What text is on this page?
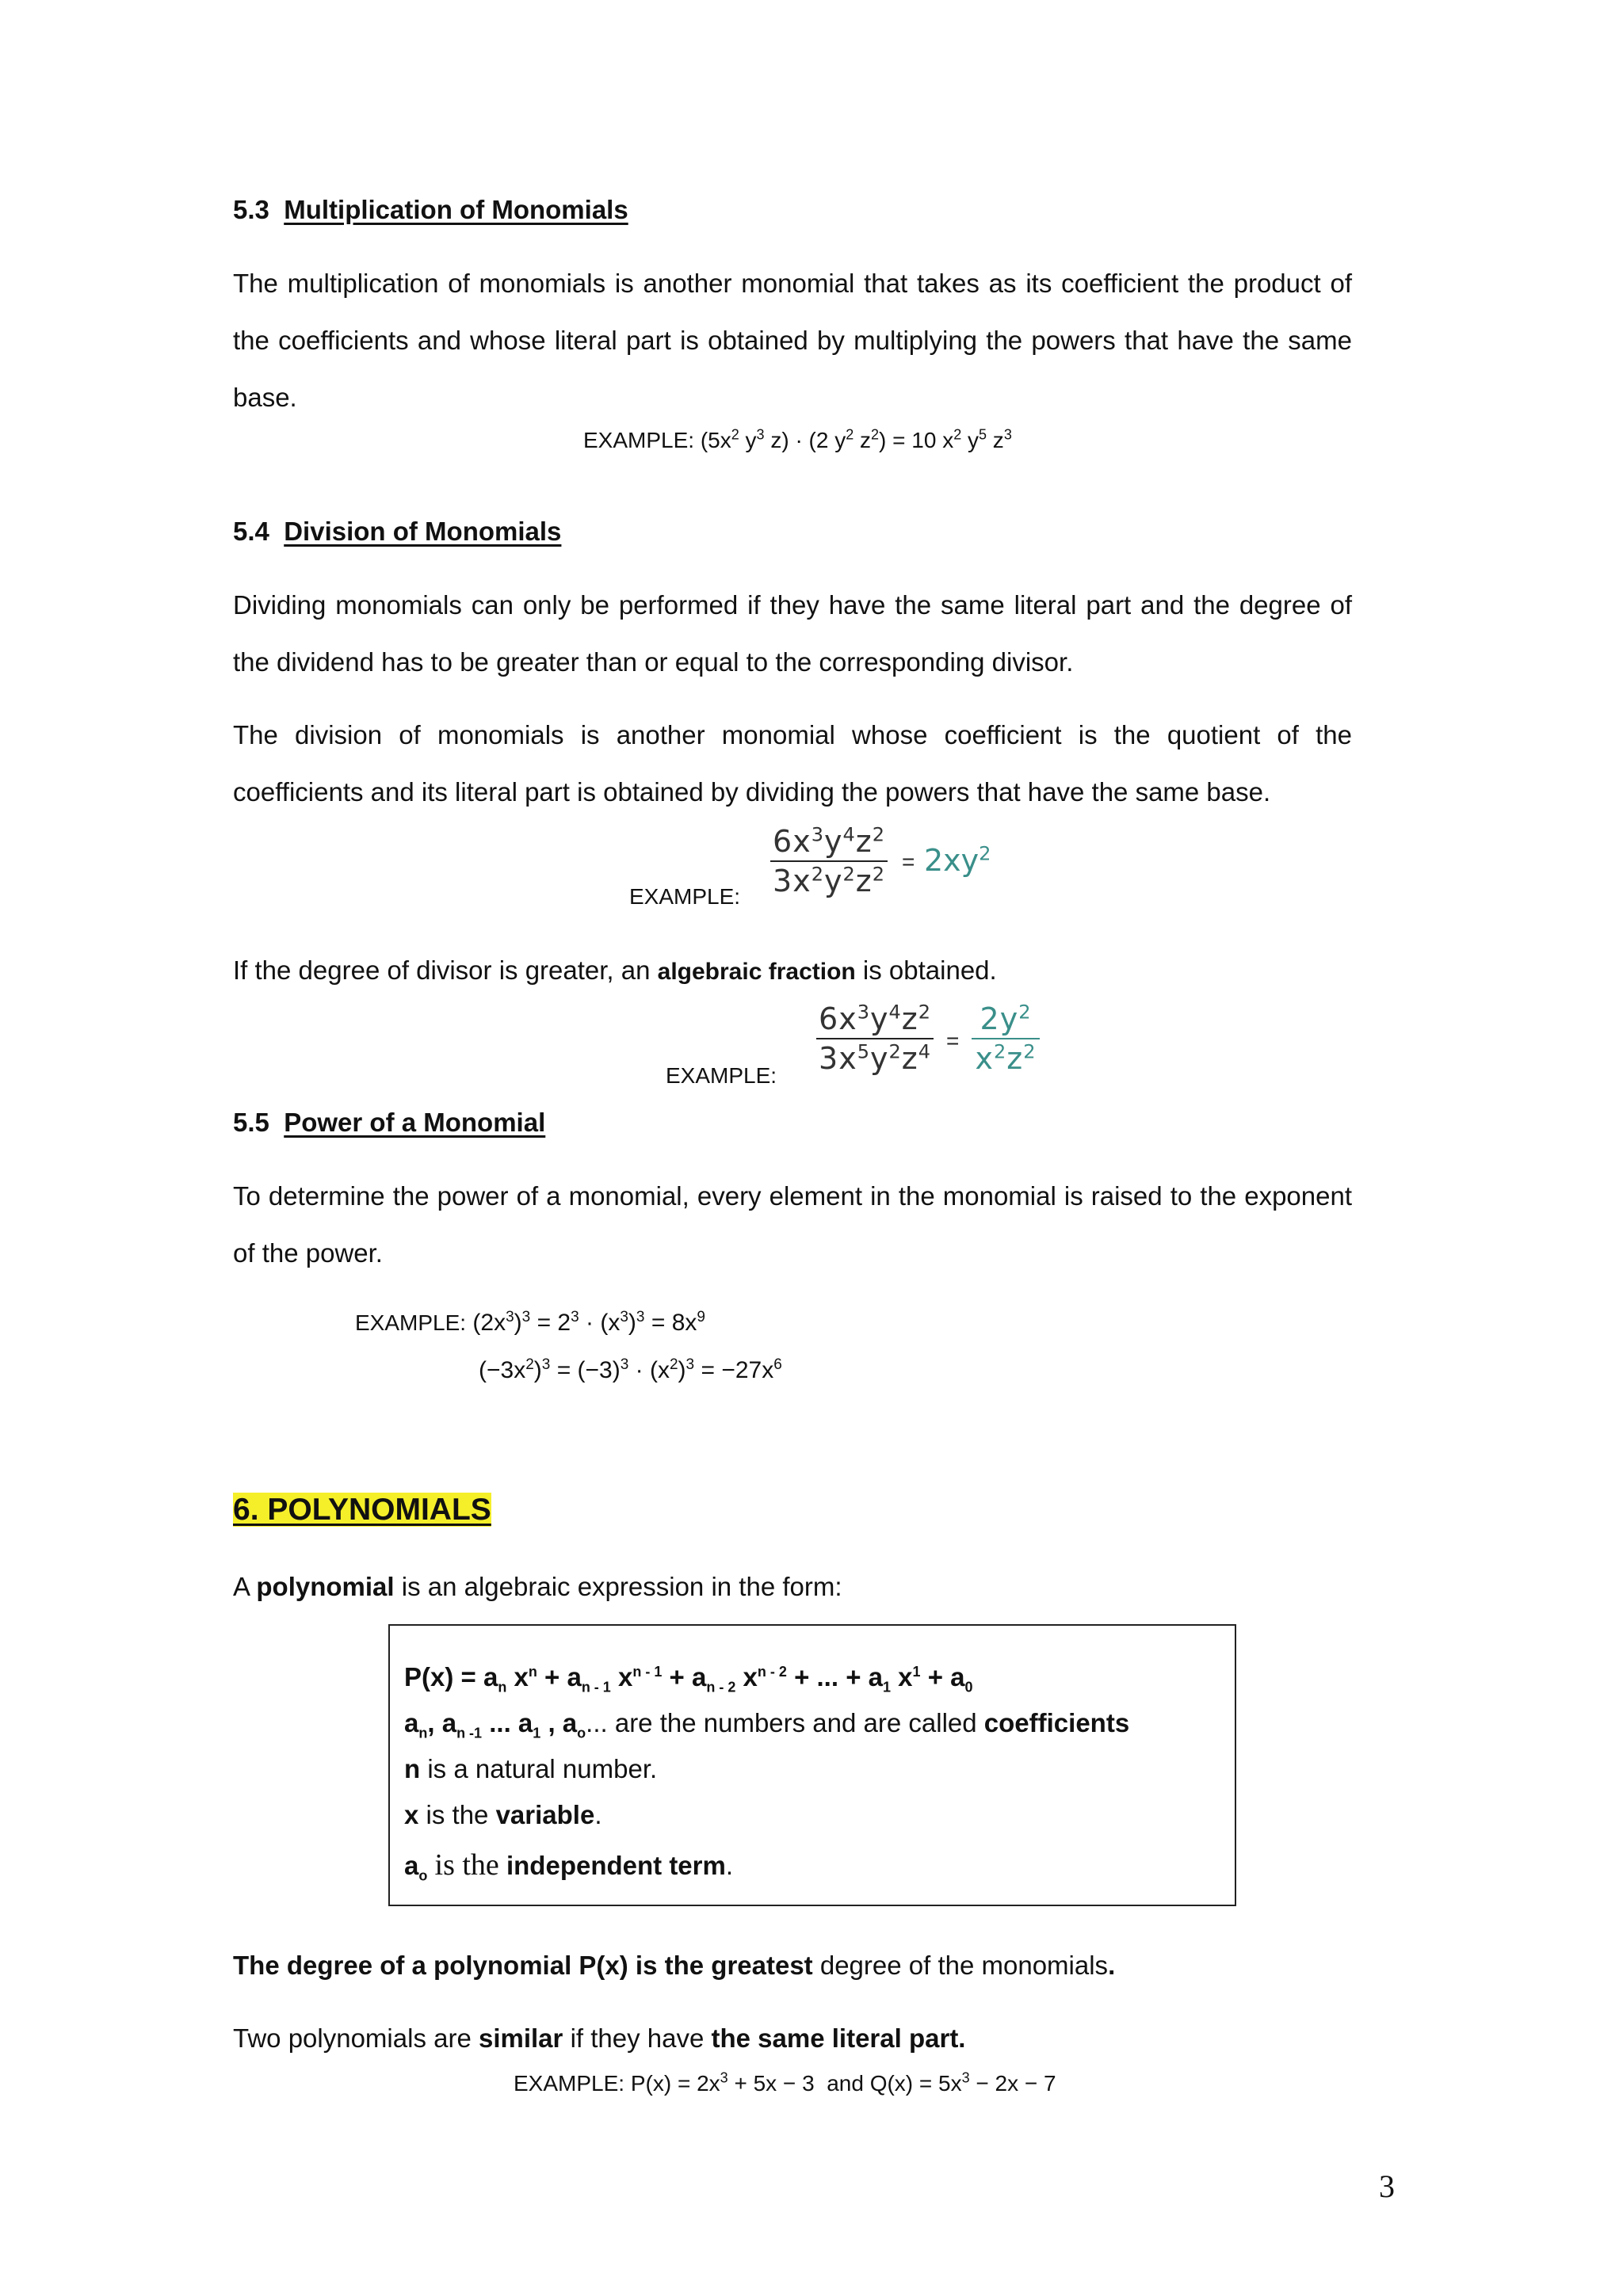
5.3 Multiplication of Monomials
The multiplication of monomials is another monomial that takes as its coefficient the product of the coefficients and whose literal part is obtained by multiplying the powers that have the same base.
EXAMPLE: ($5x^2$ $y^3$ z) · (2 $y^2$ $z^2) = 10$ $x^2$ $y^5$ $z^3$
5.4 Division of Monomials
Dividing monomials can only be performed if they have the same literal part and the degree of the dividend has to be greater than or equal to the corresponding divisor.
The division of monomials is another monomial whose coefficient is the quotient of the coefficients and its literal part is obtained by dividing the powers that have the same base.
EXAMPLE:
$6x^3y^4z^2$
$3x^2y^2z^2$
= $2xy^2$
If the degree of divisor is greater, an algebraic fraction is obtained.
EXAMPLE:
$6x^3y^4z^2$
$3x^5y^2z^4$ =
$2y^2$
$x^2z^2$
5.5 Power of a Monomial
To determine the power of a monomial, every element in the monomial is raised to the exponent of the power.
EXAMPLE: $(2x^3)^3 = 2^3 \cdot (x^3)^3 = 8x^9$
$(-3x^2)^3 = (-3)^3 \cdot (x^2)^3 = -27x^6$
6. POLYNOMIALS
A polynomial is an algebraic expression in the form:
$P(x) = a_n$ $x^n + a_{n - 1}$ $x^{n - 1} + a_{n - 2}$ $x^{n - 2}$ + ... + $a_1$ $x^1 + a_0$
$a_n$, $a_{n -1}$ ... $a_1$ , $a_o$... are the numbers and are called coefficients
n is a natural number.
x is the variable.
$a_o$ is the independent term.
The degree of a polynomial P(x) is the greatest degree of the monomials.
Two polynomials are similar if they have the same literal part.
EXAMPLE: $P(x) = 2x^3 + 5x - 3$  and $Q(x) = 5x^3 - 2x - 7$
3
